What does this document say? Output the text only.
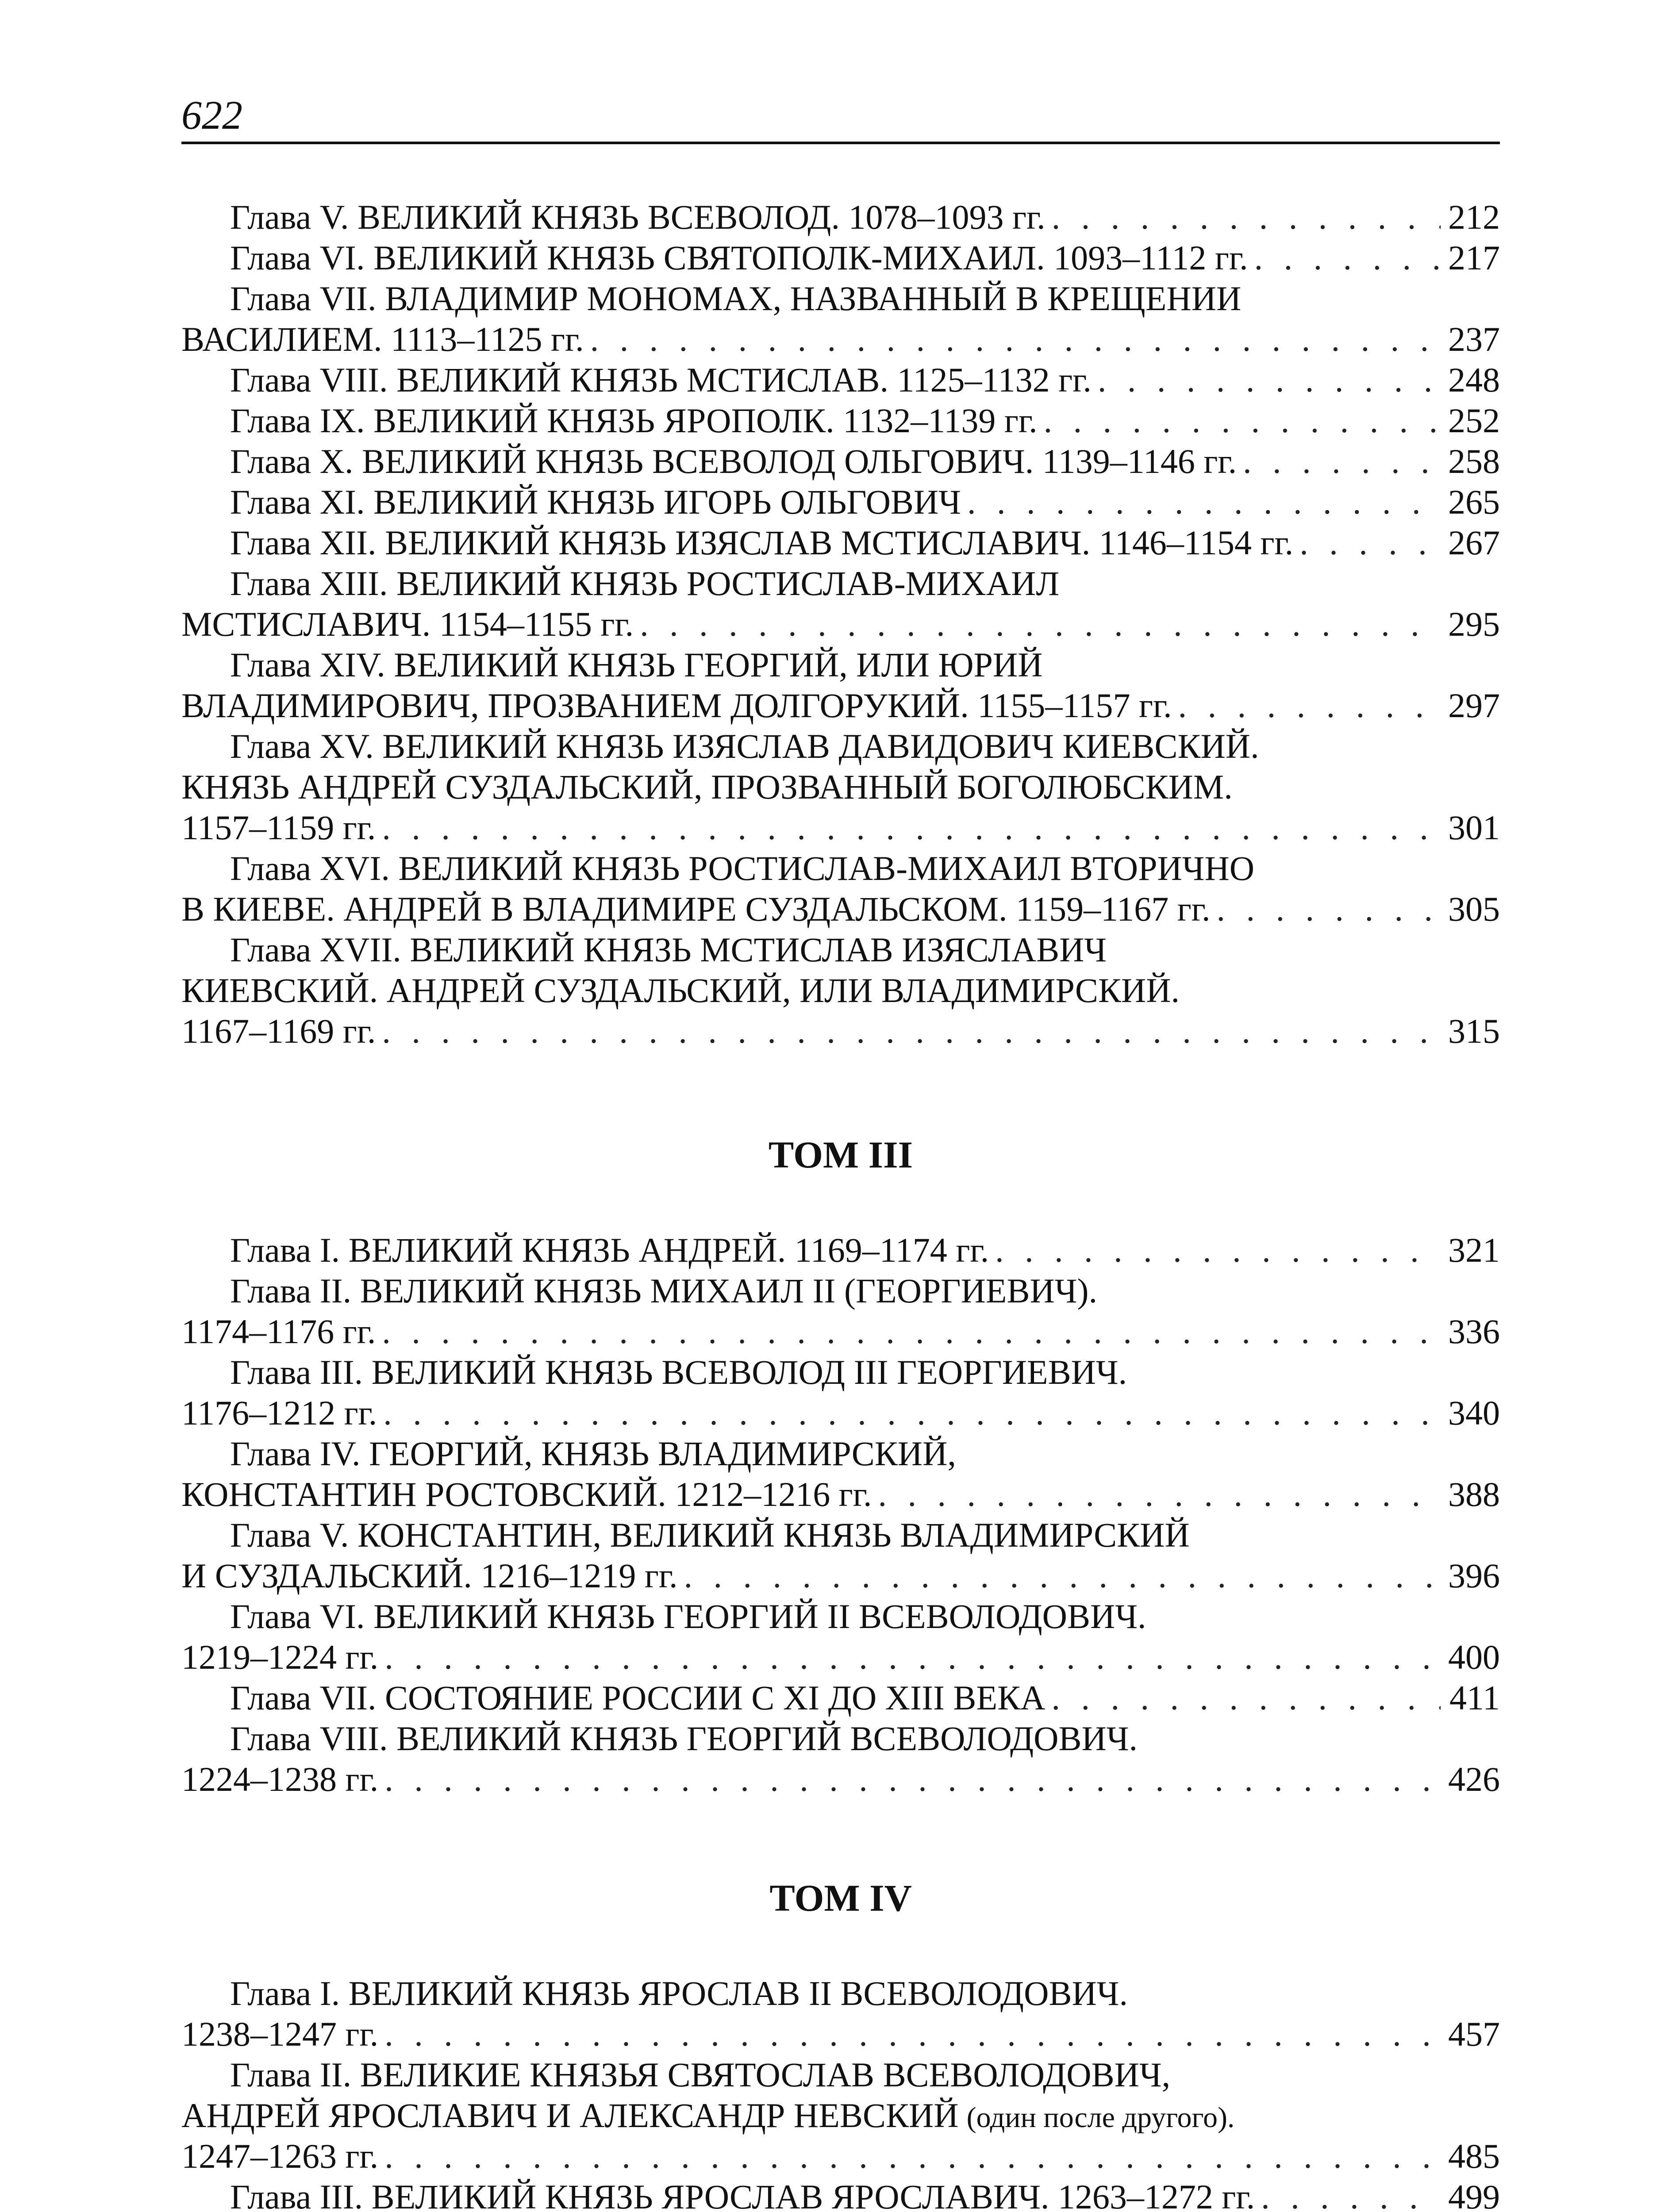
622
Глава V. ВЕЛИКИЙ КНЯЗЬ ВСЕВОЛОД. 1078–1093 гг. . . .	212
Глава VI. ВЕЛИКИЙ КНЯЗЬ СВЯТОПОЛК-МИХАИЛ. 1093–1112 гг. . . .	217
Глава VII. ВЛАДИМИР МОНОМАХ, НАЗВАННЫЙ В КРЕЩЕНИИ
ВАСИЛИЕМ. 1113–1125 гг. . . .	237
Глава VIII. ВЕЛИКИЙ КНЯЗЬ МСТИСЛАВ. 1125–1132 гг. . . .	248
Глава IX. ВЕЛИКИЙ КНЯЗЬ ЯРОПОЛК. 1132–1139 гг. . . .	252
Глава X. ВЕЛИКИЙ КНЯЗЬ ВСЕВОЛОД ОЛЬГОВИЧ. 1139–1146 гг. . . .	258
Глава XI. ВЕЛИКИЙ КНЯЗЬ ИГОРЬ ОЛЬГОВИЧ . . .	265
Глава XII. ВЕЛИКИЙ КНЯЗЬ ИЗЯСЛАВ МСТИСЛАВИЧ. 1146–1154 гг. . . .	267
Глава XIII. ВЕЛИКИЙ КНЯЗЬ РОСТИСЛАВ-МИХАИЛ
МСТИСЛАВИЧ. 1154–1155 гг. . . .	295
Глава XIV. ВЕЛИКИЙ КНЯЗЬ ГЕОРГИЙ, ИЛИ ЮРИЙ
ВЛАДИМИРОВИЧ, ПРОЗВАНИЕМ ДОЛГОРУКИЙ. 1155–1157 гг. . . .	297
Глава XV. ВЕЛИКИЙ КНЯЗЬ ИЗЯСЛАВ ДАВИДОВИЧ КИЕВСКИЙ.
КНЯЗЬ АНДРЕЙ СУЗДАЛЬСКИЙ, ПРОЗВАННЫЙ БОГОЛЮБСКИМ.
1157–1159 гг. . . .	301
Глава XVI. ВЕЛИКИЙ КНЯЗЬ РОСТИСЛАВ-МИХАИЛ ВТОРИЧНО
В КИЕВЕ. АНДРЕЙ В ВЛАДИМИРЕ СУЗДАЛЬСКОМ. 1159–1167 гг. . . .	305
Глава XVII. ВЕЛИКИЙ КНЯЗЬ МСТИСЛАВ ИЗЯСЛАВИЧ
КИЕВСКИЙ. АНДРЕЙ СУЗДАЛЬСКИЙ, ИЛИ ВЛАДИМИРСКИЙ.
1167–1169 гг. . . .	315
ТОМ III
Глава I. ВЕЛИКИЙ КНЯЗЬ АНДРЕЙ. 1169–1174 гг. . . .	321
Глава II. ВЕЛИКИЙ КНЯЗЬ МИХАИЛ II (ГЕОРГИЕВИЧ).
1174–1176 гг. . . .	336
Глава III. ВЕЛИКИЙ КНЯЗЬ ВСЕВОЛОД III ГЕОРГИЕВИЧ.
1176–1212 гг. . . .	340
Глава IV. ГЕОРГИЙ, КНЯЗЬ ВЛАДИМИРСКИЙ,
КОНСТАНТИН РОСТОВСКИЙ. 1212–1216 гг. . . .	388
Глава V. КОНСТАНТИН, ВЕЛИКИЙ КНЯЗЬ ВЛАДИМИРСКИЙ
И СУЗДАЛЬСКИЙ. 1216–1219 гг. . . .	396
Глава VI. ВЕЛИКИЙ КНЯЗЬ ГЕОРГИЙ II ВСЕВОЛОДОВИЧ.
1219–1224 гг. . . .	400
Глава VII. СОСТОЯНИЕ РОССИИ С XI ДО XIII ВЕКА . . .	411
Глава VIII. ВЕЛИКИЙ КНЯЗЬ ГЕОРГИЙ ВСЕВОЛОДОВИЧ.
1224–1238 гг. . . .	426
ТОМ IV
Глава I. ВЕЛИКИЙ КНЯЗЬ ЯРОСЛАВ II ВСЕВОЛОДОВИЧ.
1238–1247 гг. . . .	457
Глава II. ВЕЛИКИЕ КНЯЗЬЯ СВЯТОСЛАВ ВСЕВОЛОДОВИЧ,
АНДРЕЙ ЯРОСЛАВИЧ И АЛЕКСАНДР НЕВСКИЙ (один после другого).
1247–1263 гг. . . .	485
Глава III. ВЕЛИКИЙ КНЯЗЬ ЯРОСЛАВ ЯРОСЛАВИЧ. 1263–1272 гг. . . .	499
